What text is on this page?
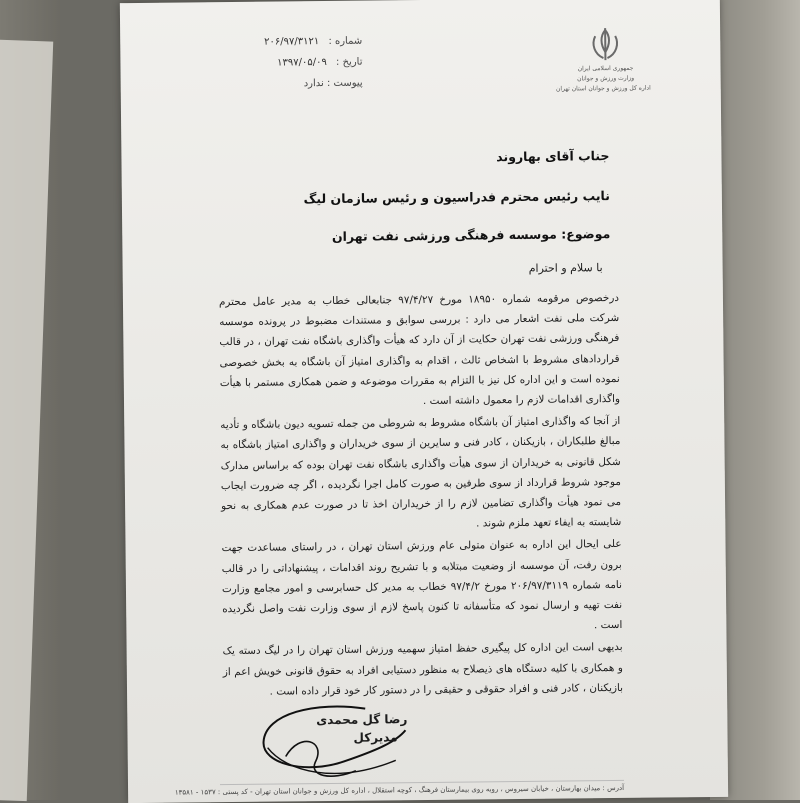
شماره : ۲۰۶/۹۷/۳۱۲۱
تاریخ : ۱۳۹۷/۰۵/۰۹
پیوست : ندارد
جمهوری اسلامی ایران
وزارت ورزش و جوانان
اداره کل ورزش و جوانان استان تهران
جناب آقای بهاروند
نایب رئیس محترم فدراسیون و رئیس سازمان لیگ
موضوع: موسسه فرهنگی ورزشی نفت تهران
با سلام و احترام

درخصوص مرقومه شماره ۱۸۹۵۰ مورخ ۹۷/۴/۲۷ جنابعالی خطاب به مدیر عامل محترم شرکت ملی نفت اشعار می دارد : بررسی سوابق و مستندات مضبوط در پرونده موسسه فرهنگی ورزشی نفت تهران حکایت از آن دارد که هیأت واگذاری باشگاه نفت تهران ، در قالب قراردادهای مشروط با اشخاص ثالث ، اقدام به واگذاری امتیاز آن باشگاه به بخش خصوصی نموده است و این اداره کل نیز با التزام به مقررات موضوعه و ضمن همکاری مستمر با هیأت واگذاری اقدامات لازم را معمول داشته است .

از آنجا که واگذاری امتیاز آن باشگاه مشروط به شروطی من جمله تسویه دیون باشگاه و تأدیه مبالغ طلبکاران ، بازیکنان ، کادر فنی و سایرین از سوی خریداران و واگذاری امتیاز باشگاه به شکل قانونی به خریداران از سوی هیأت واگذاری باشگاه نفت تهران بوده که براساس مدارک موجود شروط قرارداد از سوی طرفین به صورت کامل اجرا نگردیده ، اگر چه ضرورت ایجاب می نمود هیأت واگذاری تضامین لازم را از خریداران اخذ تا در صورت عدم همکاری به نحو شایسته به ایفاء تعهد ملزم شوند .

علی ایحال این اداره به عنوان متولی عام ورزش استان تهران ، در راستای مساعدت جهت برون رفت، آن موسسه از وضعیت مبتلابه و با تشریح روند اقدامات ، پیشنهاداتی را در قالب نامه شماره ۲۰۶/۹۷/۳۱۱۹ مورخ ۹۷/۴/۲ خطاب به مدیر کل حسابرسی و امور مجامع وزارت نفت تهیه و ارسال نمود که متأسفانه تا کنون پاسخ لازم از سوی وزارت نفت واصل نگردیده است .

بدیهی است این اداره کل پیگیری حفظ امتیاز سهمیه ورزش استان تهران را در لیگ دسته یک و همکاری با کلیه دستگاه های ذیصلاح به منظور دستیابی افراد به حقوق قانونی خویش اعم از بازیکنان ، کادر فنی و افراد حقوقی و حقیقی را در دستور کار خود قرار داده است .

رضا گل محمدی
مدیرکل
آدرس : میدان بهارستان ، خیابان سیروس ، روبه روی بیمارستان فرهنگ ، کوچه استقلال ، اداره کل ورزش و جوانان استان تهران - کد پستی : ۱۵۳۷ - ۱۳۵۸۱
